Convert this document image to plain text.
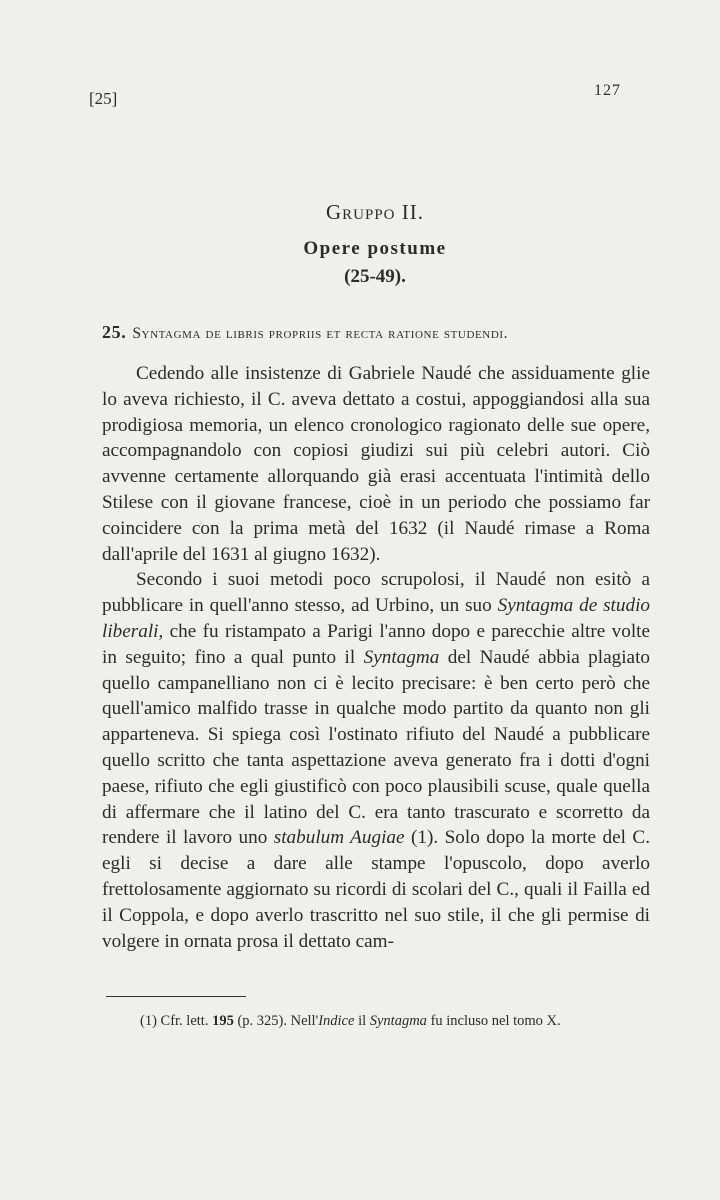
[25]	127
Gruppo II.
Opere postume
(25-49).
25. Syntagma de libris propriis et recta ratione studendi.

Cedendo alle insistenze di Gabriele Naudé che assiduamente glie lo aveva richiesto, il C. aveva dettato a costui, appoggiandosi alla sua prodigiosa memoria, un elenco cronologico ragionato delle sue opere, accompagnandolo con copiosi giudizi sui più celebri autori. Ciò avvenne certamente allorquando già erasi accentuata l'intimità dello Stilese con il giovane francese, cioè in un periodo che possiamo far coincidere con la prima metà del 1632 (il Naudé rimase a Roma dall'aprile del 1631 al giugno 1632).

Secondo i suoi metodi poco scrupolosi, il Naudé non esitò a pubblicare in quell'anno stesso, ad Urbino, un suo Syntagma de studio liberali, che fu ristampato a Parigi l'anno dopo e parecchie altre volte in seguito; fino a qual punto il Syntagma del Naudé abbia plagiato quello campanelliano non ci è lecito precisare: è ben certo però che quell'amico malfido trasse in qualche modo partito da quanto non gli apparteneva. Si spiega così l'ostinato rifiuto del Naudé a pubblicare quello scritto che tanta aspettazione aveva generato fra i dotti d'ogni paese, rifiuto che egli giustificò con poco plausibili scuse, quale quella di affermare che il latino del C. era tanto trascurato e scorretto da rendere il lavoro uno stabulum Augiae (1). Solo dopo la morte del C. egli si decise a dare alle stampe l'opuscolo, dopo averlo frettolosamente aggiornato su ricordi di scolari del C., quali il Failla ed il Coppola, e dopo averlo trascritto nel suo stile, il che gli permise di volgere in ornata prosa il dettato cam-

(1) Cfr. lett. 195 (p. 325). Nell'Indice il Syntagma fu incluso nel tomo X.
